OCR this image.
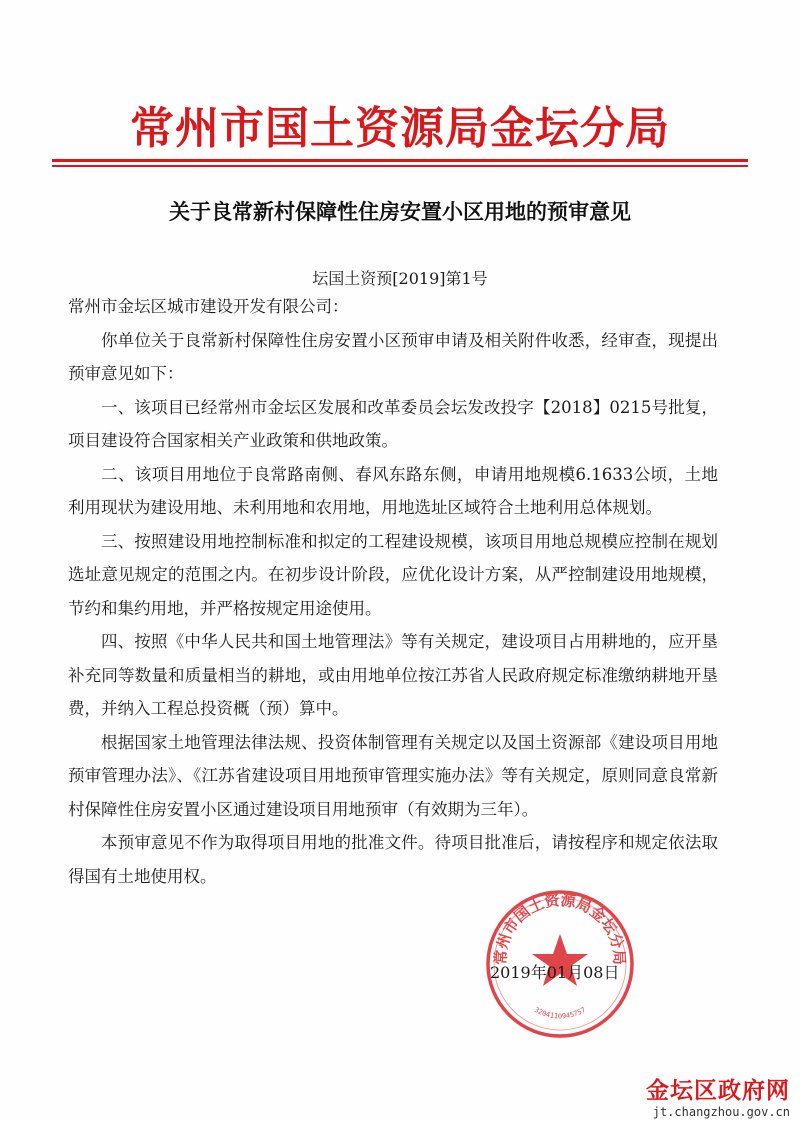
常州市国土资源局金坛分局
关于良常新村保障性住房安置小区用地的预审意见
坛国土资预[2019]第1号

常州市金坛区城市建设开发有限公司：

你单位关于良常新村保障性住房安置小区预审申请及相关附件收悉，经审查，现提出预审意见如下：

一、该项目已经常州市金坛区发展和改革委员会坛发改投字【2018】0215号批复，项目建设符合国家相关产业政策和供地政策。

二、该项目用地位于良常路南侧、春风东路东侧，申请用地规模6.1633公顷，土地利用现状为建设用地、未利用地和农用地，用地选址区域符合土地利用总体规划。

三、按照建设用地控制标准和拟定的工程建设规模，该项目用地总规模应控制在规划选址意见规定的范围之内。在初步设计阶段，应优化设计方案，从严控制建设用地规模，节约和集约用地，并严格按规定用途使用。

四、按照《中华人民共和国土地管理法》等有关规定，建设项目占用耕地的，应开垦补充同等数量和质量相当的耕地，或由用地单位按江苏省人民政府规定标准缴纳耕地开垦费，并纳入工程总投资概（预）算中。

根据国家土地管理法律法规、投资体制管理有关规定以及国土资源部《建设项目用地预审管理办法》、《江苏省建设项目用地预审管理实施办法》等有关规定，原则同意良常新村保障性住房安置小区通过建设项目用地预审（有效期为三年）。

本预审意见不作为取得项目用地的批准文件。待项目批准后，请按程序和规定依法取得国有土地使用权。

常州市国土资源局金坛分局
3204110945757
2019年01月08日
金坛区政府网
jt.changzhou.gov.cn
